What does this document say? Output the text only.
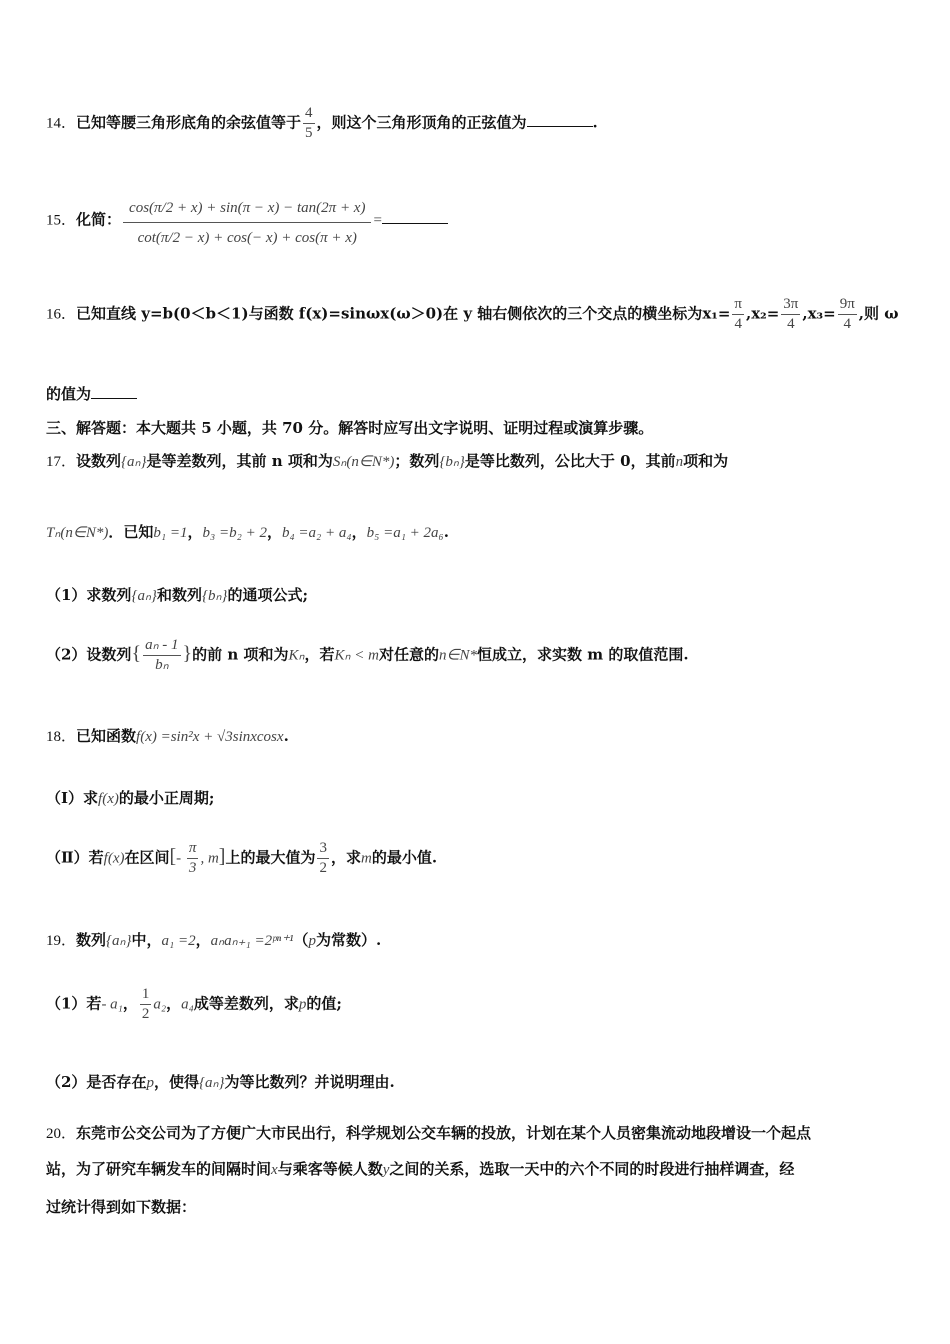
14．已知等腰三角形底角的余弦值等于 $\frac{4}{5}$ ，则这个三角形顶角的正弦值为	.
15．化简： $\frac{\cos(\pi/2 + x) + \sin(\pi - x) - \tan(2\pi + x)}{\cot(\pi/2 - x) + \cos(- x) + \cos(\pi + x)}$ =
16．已知直线 y=b(0＜b＜1)与函数 f(x)=sinωx(ω＞0)在 y 轴右侧依次的三个交点的横坐标为$x_1= \frac{\pi}{4} ,x_2= \frac{3\pi}{4} ,x_3= \frac{9\pi}{4}$ ,则 ω
的值为
三、解答题：本大题共 5 小题，共 70 分。解答时应写出文字说明、证明过程或演算步骤。
17．设数列{aₙ}是等差数列，其前 n 项和为Sₙ(n∈N*)；数列{bₙ}是等比数列，公比大于 0，其前n项和为
Tₙ(n∈N*)．已知b₁ =1，b₃ =b₂ + 2，b₄ =a₂ + a₄，b₅ =a₁ + 2a₆.
（1）求数列{aₙ}和数列{bₙ}的通项公式;
（2）设数列{ $\frac{\text{aₙ - 1}}{\text{bₙ}}$ }的前 n 项和为Kₙ，若Kₙ < m对任意的n∈N*恒成立，求实数 m 的取值范围.
18．已知函数f(x) =sin²x + √3sinxcosx.
（Ⅰ）求f(x)的最小正周期;
（Ⅱ）若f(x)在区间[- $\frac{\pi}{3}$ , m]上的最大值为 $\frac{3}{2}$ ，求m的最小值.
19．数列{aₙ}中，a₁ =2，aₙaₙ₊₁ =2ᵖⁿ⁺¹（p为常数）.
（1）若- a₁， $\frac{1}{2} a_2$，a₄成等差数列，求p的值;
（2）是否存在p，使得{aₙ}为等比数列？并说明理由.
20．东莞市公交公司为了方便广大市民出行，科学规划公交车辆的投放，计划在某个人员密集流动地段增设一个起点
站，为了研究车辆发车的间隔时间x与乘客等候人数y之间的关系，选取一天中的六个不同的时段进行抽样调查，经
过统计得到如下数据：
